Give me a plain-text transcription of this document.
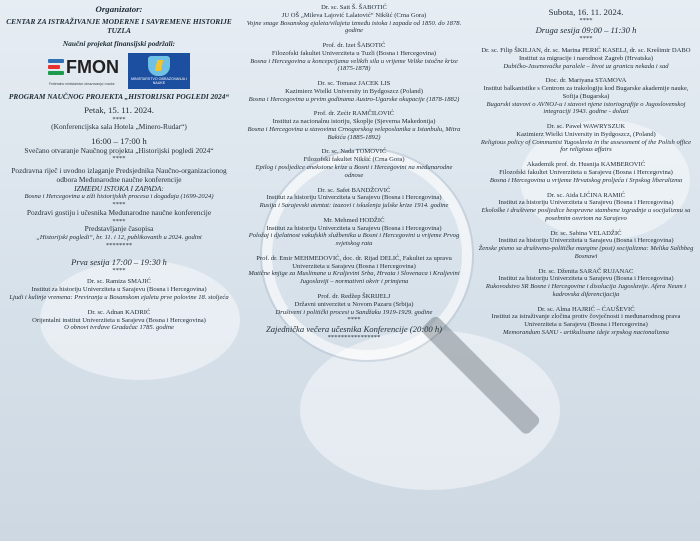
Organizator:

CENTAR ZA ISTRAŽIVANJE MODERNE I SAVREMENE HISTORIJE TUZLA

Naučni projekat finansijski podržali:

FMON
Federalno ministarstvo obrazovanja i nauke
MINISTARSTVO OBRAZOVANJA I NAUKE

PROGRAM NAUČNOG PROJEKTA „HISTORIJSKI POGLEDI 2024“

Petak, 15. 11. 2024.

****

(Konferencijska sala Hotela „Minero-Rudar“)

16:00 – 17:00 h

Svečano otvaranje Naučnog projekta „Historijski pogledi 2024“

****

Pozdravna riječ i uvodno izlaganje Predsjednika Naučno-organizacionog odbora Međunarodne naučne konferencije

IZMEĐU ISTOKA I ZAPADA:

Bosna i Hercegovina u ziži historijskih procesa i događaja (1699-2024)

****

Pozdravi gostiju i učesnika Međunarodne naučne konferencije

****

Predstavljanje časopisa

„Historijski pogledi“, br. 11. i 12, publikovanih u 2024. godini

********

Prva sesija 17:00 – 19:30 h

****

Dr. sc. Ramiza SMAJIĆ

Institut za historiju Univerziteta u Sarajevu (Bosna i Hercegovina)

Ljudi i kulinje vremena: Previranja u Bosanskom ejaletu prve polovine 18. stoljeća

Dr. sc. Adnan KADRIĆ

Orijentalni institut Univerziteta u Sarajevu (Bosna i Hercegovina)

O obnovi tvrđave Gradačac 1785. godine

Dr. sc. Sait Š. ŠABOTIĆ

JU OŠ „Mileva Lajović Lalatović“ Nikšić (Crna Gora)

Vojne snage Bosanskog ejaleta/vilajeta između istoka i zapada od 1850. do 1878. godine

Prof. dr. Izet ŠABOTIĆ

Filozofski fakultet Univerziteta u Tuzli (Bosna i Hercegovina)

Bosna i Hercegovina u koncepcijama velikih sila u vrijeme Velike istočne krize (1875-1878)

Dr. sc. Tomasz JACEK LIS

Kazimierz Wielki University in Bydgoszcz (Poland)

Bosna i Hercegovina u prvim godinama Austro-Ugarske okupacije (1878-1882)

Prof. dr. Zećir RAMČILOVIĆ

Institut za nacionalnu istoriju, Skoplje (Sjeverna Makedonija)

Bosna i Hercegovina u stavovima Crnogorskog veleposlanika u Istanbulu, Mitra Bakića (1885-1892)

Dr. sc. Nada TOMOVIĆ

Filozofski fakultet Nikšić (Crna Gora)

Epilog i posljedice aneksione krize u Bosni i Hercegovini na međunarodne odnose

Dr. sc. Safet BANDŽOVIĆ

Institut za historiju Univerziteta u Sarajevu (Bosna i Hercegovina)

Rusija i Sarajevski atentat: izazovi i iskušenja julske krize 1914. godine

Mr. Mehmed HODŽIĆ

Institut za historiju Univerziteta u Sarajevu (Bosna i Hercegovina)

Položaj i djelatnost vakufskih službenika u Bosni i Hercegovini u vrijeme Prvog svjetskog rata

Prof. dr. Emir MEHMEDOVIĆ, doc. dr. Rijad DELIĆ, Fakultet za upravu Univerziteta u Sarajevu (Bosna i Hercegovina)

Matične knjige za Muslimane u Kraljevini Srba, Hrvata i Slovenaca i Kraljevini Jugoslaviji – normativni okvir i primjena

Prof. dr. Redžep ŠKRIJELJ

Državni univerzitet u Novom Pazaru (Srbija)

Društveni i politički procesi u Sandžaku 1919-1929. godine

****

Zajednička večera učesnika Konferencije (20:00 h)

****************

Subota, 16. 11. 2024.

****

Druga sesija 09:00 – 11:30 h

****

Dr. sc. Filip ŠKILJAN, dr. sc. Marina PERIĆ KASELJ, dr. sc. Krešimir DABO

Institut za migracije i narodnost Zagreb (Hrvatska)

Dubičko-Jasenovačke paralele – život uz granicu nekada i sad

Doc. dr. Mariyana STAMOVA

Institut balkanistike s Centrom za trakologiju kod Bugarske akademije nauke, Sofija (Bugarska)

Bugarski stavovi o AVNOJ-u i stavovi njene istoriografije o Jugoslovenskoj integraciji 1943. godine - dolazi

Dr. sc. Paweł WAWRYSZUK

Kazimierz Wielki University in Bydgoszcz, (Poland)

Religious policy of Communist Yugoslavia in the assessment of the Polish office for religious affairs

Akademik prof. dr. Husnija KAMBEROVIĆ

Filozofski fakultet Univerziteta u Sarajevu (Bosna i Hercegovina)

Bosna i Hercegovina u vrijeme Hrvatskog proljeća i Srpskog liberalizma

Dr. sc. Aida LIĆINA RAMIĆ

Institut za historiju Univerziteta u Sarajevu (Bosna i Hercegovina)

Ekološke i društvene posljedice bespravne stambene izgradnje u socijalizmu sa posebnim osvrtom na Sarajevo

Dr. sc. Sabina VELADŽIĆ

Institut za historiju Univerziteta u Sarajevu (Bosna i Hercegovina)

Ženske pismo sa društveno-političke margine (post) socijalizma: Melika Salihbeg Bosnawi

Dr. sc. Dženita SARAČ RUJANAC

Institut za historiju Univerziteta u Sarajevu (Bosna i Hercegovina)

Rukovodstvo SR Bosne i Hercegovine i disolucija Jugoslavije. Afera Neum i kadrovska diferencijacija

Dr. sc. Alma HAJRIĆ – ĆAUŠEVIĆ

Institut za istraživanje zločina protiv čovječnosti i međunarodnog prava Univerziteta u Sarajevu (Bosna i Hercegovina)

Memorandum SANU - artikulisane ideje srpskog nacionalizma
